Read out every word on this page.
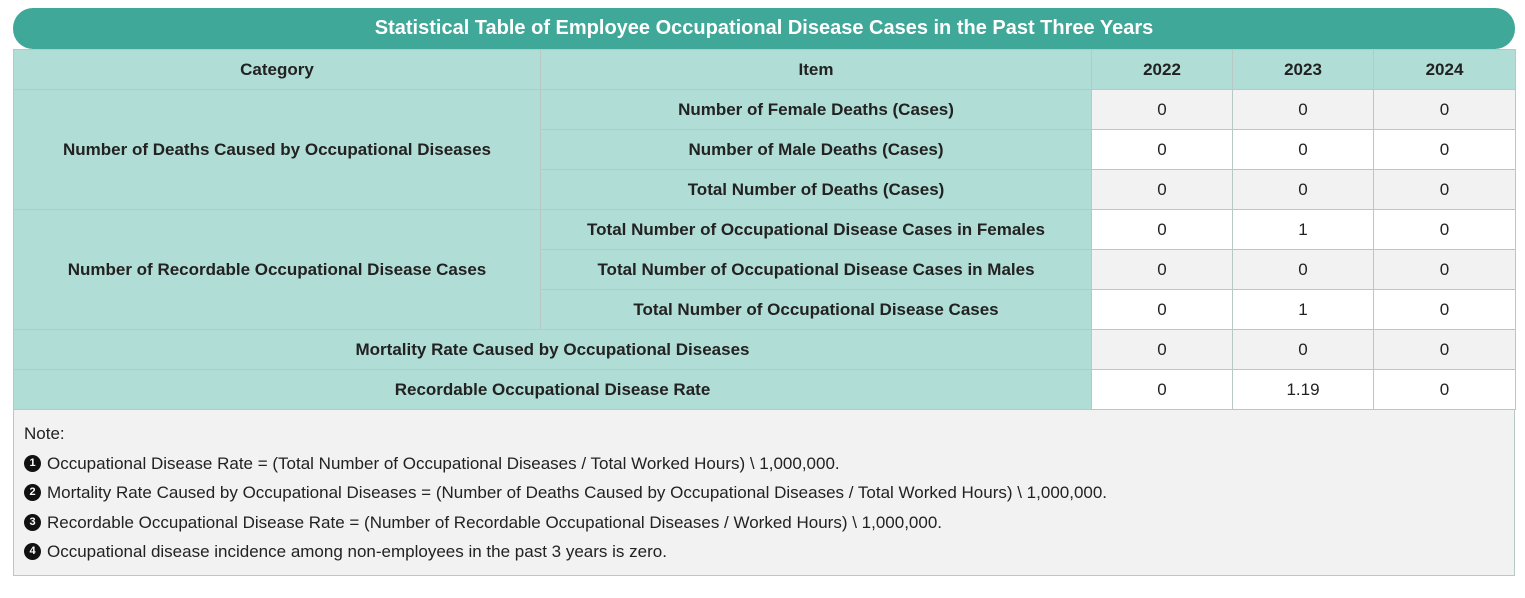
Statistical Table of Employee Occupational Disease Cases in the Past Three Years
Category	Item	2022	2023	2024
Number of Deaths Caused by Occupational Diseases	Number of Female Deaths (Cases)	0	0	0
	Number of Male Deaths (Cases)	0	0	0
	Total Number of Deaths (Cases)	0	0	0
Number of Recordable Occupational Disease Cases	Total Number of Occupational Disease Cases in Females	0	1	0
	Total Number of Occupational Disease Cases in Males	0	0	0
	Total Number of Occupational Disease Cases	0	1	0
Mortality Rate Caused by Occupational Diseases		0	0	0
Recordable Occupational Disease Rate		0	1.19	0
Note:
1 Occupational Disease Rate = (Total Number of Occupational Diseases / Total Worked Hours) \ 1,000,000.
2 Mortality Rate Caused by Occupational Diseases = (Number of Deaths Caused by Occupational Diseases / Total Worked Hours) \ 1,000,000.
3 Recordable Occupational Disease Rate = (Number of Recordable Occupational Diseases / Worked Hours) \ 1,000,000.
4 Occupational disease incidence among non-employees in the past 3 years is zero.
